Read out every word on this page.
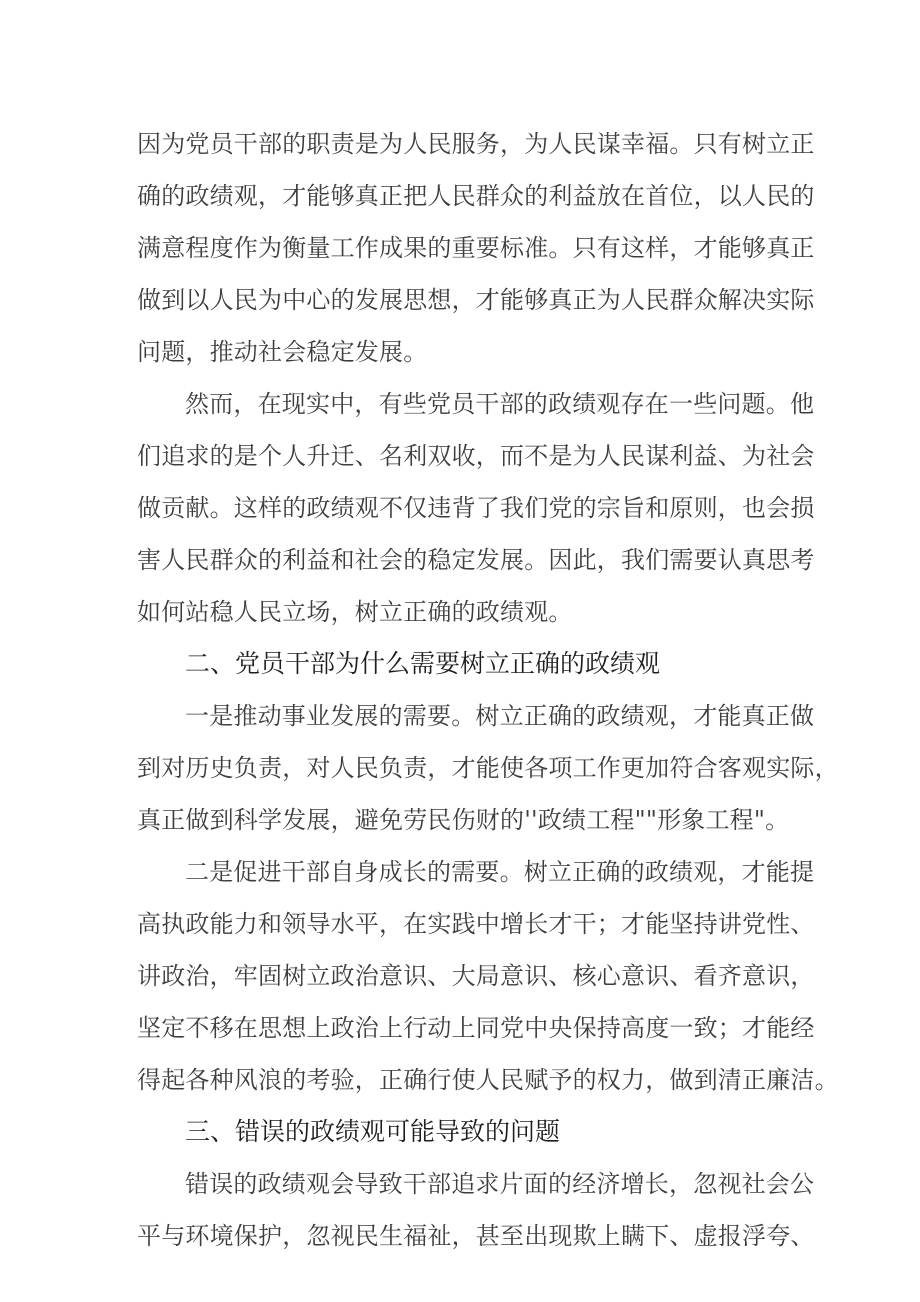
因为党员干部的职责是为人民服务，为人民谋幸福。只有树立正
确的政绩观，才能够真正把人民群众的利益放在首位，以人民的
满意程度作为衡量工作成果的重要标准。只有这样，才能够真正
做到以人民为中心的发展思想，才能够真正为人民群众解决实际
问题，推动社会稳定发展。
然而，在现实中，有些党员干部的政绩观存在一些问题。他
们追求的是个人升迁、名利双收，而不是为人民谋利益、为社会
做贡献。这样的政绩观不仅违背了我们党的宗旨和原则，也会损
害人民群众的利益和社会的稳定发展。因此，我们需要认真思考
如何站稳人民立场，树立正确的政绩观。
二、党员干部为什么需要树立正确的政绩观
一是推动事业发展的需要。树立正确的政绩观，才能真正做
到对历史负责，对人民负责，才能使各项工作更加符合客观实际，
真正做到科学发展，避免劳民伤财的''政绩工程""形象工程"。
二是促进干部自身成长的需要。树立正确的政绩观，才能提
高执政能力和领导水平，在实践中增长才干；才能坚持讲党性、
讲政治，牢固树立政治意识、大局意识、核心意识、看齐意识，
坚定不移在思想上政治上行动上同党中央保持高度一致；才能经
得起各种风浪的考验，正确行使人民赋予的权力，做到清正廉洁。
三、错误的政绩观可能导致的问题
错误的政绩观会导致干部追求片面的经济增长，忽视社会公
平与环境保护，忽视民生福祉，甚至出现欺上瞒下、虚报浮夸、
